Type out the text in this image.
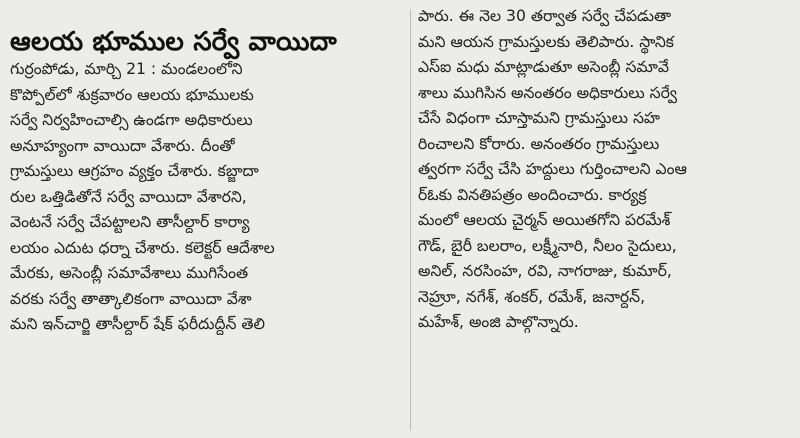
ఆలయ భూముల సర్వే వాయిదా
గుర్రంపోడు, మార్చి 21 : మండలంలోని
కొప్పోల్‌లో శుక్రవారం ఆలయ భూములకు
సర్వే నిర్వహించాల్సి ఉండగా అధికారులు
అనూహ్యంగా వాయిదా వేశారు. దీంతో
గ్రామస్తులు ఆగ్రహం వ్యక్తం చేశారు. కబ్జాదా
రుల ఒత్తిడితోనే సర్వే వాయిదా వేశారని,
వెంటనే సర్వే చేపట్టాలని తాసీల్దార్ కార్యా
లయం ఎదుట ధర్నా చేశారు. కలెక్టర్ ఆదేశాల
మేరకు, అసెంబ్లీ సమావేశాలు ముగిసేంత
వరకు సర్వే తాత్కాలికంగా వాయిదా వేశా
మని ఇన్‌చార్జి తాసీల్దార్ షేక్ ఫరీదుద్దీన్ తెలి
పారు. ఈ నెల 30 తర్వాత సర్వే చేపడుతా
మని ఆయన గ్రామస్తులకు తెలిపారు. స్థానిక
ఎస్ఐ మధు మాట్లాడుతూ అసెంబ్లీ సమావే
శాలు ముగిసిన అనంతరం అధికారులు సర్వే
చేసే విధంగా చూస్తామని గ్రామస్తులు సహ
రించాలని కోరారు. అనంతరం గ్రామస్తులు
త్వరగా సర్వే చేసి హద్దులు గుర్తించాలని ఎంఆ
ర్‌ఓకు వినతిపత్రం అందించారు. కార్యక్ర
మంలో ఆలయ చైర్మన్ అయితగోని పరమేశ్
గౌడ్, బైరీ బలరాం, లక్ష్మీనారి, నీలం సైదులు,
అనిల్, నరసింహ, రవి, నాగరాజు, కుమార్,
నెహ్రూ, నగేశ్, శంకర్, రమేశ్, జనార్దన్,
మహేశ్, అంజి పాల్గొన్నారు.
